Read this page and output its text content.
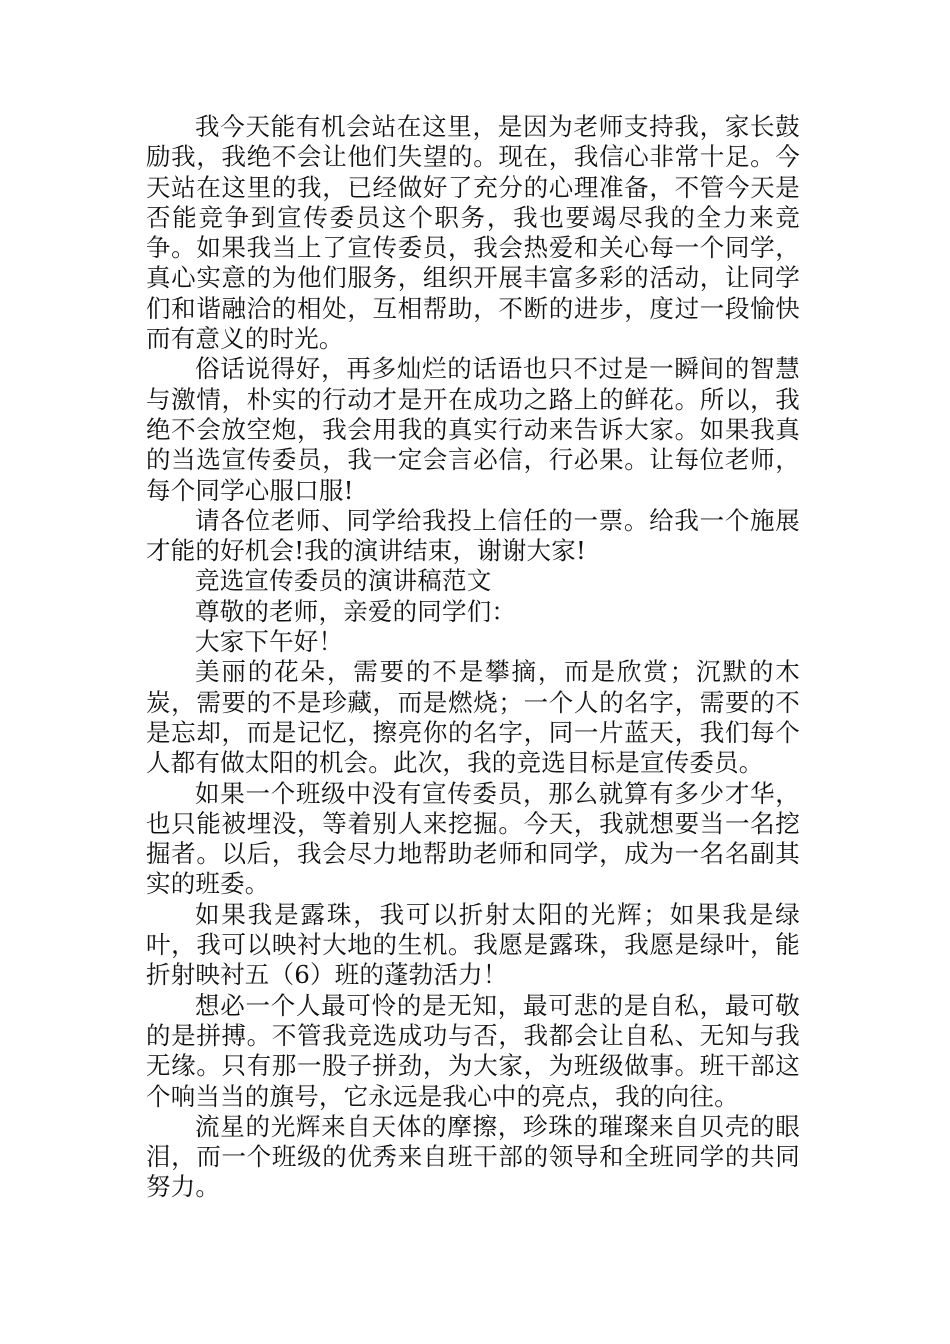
我今天能有机会站在这里，是因为老师支持我，家长鼓励我，我绝不会让他们失望的。现在，我信心非常十足。今天站在这里的我，已经做好了充分的心理准备，不管今天是否能竞争到宣传委员这个职务，我也要竭尽我的全力来竞争。如果我当上了宣传委员，我会热爱和关心每一个同学，真心实意的为他们服务，组织开展丰富多彩的活动，让同学们和谐融洽的相处，互相帮助，不断的进步，度过一段愉快而有意义的时光。

俗话说得好，再多灿烂的话语也只不过是一瞬间的智慧与激情，朴实的行动才是开在成功之路上的鲜花。所以，我绝不会放空炮，我会用我的真实行动来告诉大家。如果我真的当选宣传委员，我一定会言必信，行必果。让每位老师，每个同学心服口服!

请各位老师、同学给我投上信任的一票。给我一个施展才能的好机会!我的演讲结束，谢谢大家!

竞选宣传委员的演讲稿范文

尊敬的老师，亲爱的同学们：

大家下午好！

美丽的花朵，需要的不是攀摘，而是欣赏；沉默的木炭，需要的不是珍藏，而是燃烧；一个人的名字，需要的不是忘却，而是记忆，擦亮你的名字，同一片蓝天，我们每个人都有做太阳的机会。此次，我的竞选目标是宣传委员。

如果一个班级中没有宣传委员，那么就算有多少才华，也只能被埋没，等着别人来挖掘。今天，我就想要当一名挖掘者。以后，我会尽力地帮助老师和同学，成为一名名副其实的班委。

如果我是露珠，我可以折射太阳的光辉；如果我是绿叶，我可以映衬大地的生机。我愿是露珠，我愿是绿叶，能折射映衬五（6）班的蓬勃活力！

想必一个人最可怜的是无知，最可悲的是自私，最可敬的是拼搏。不管我竞选成功与否，我都会让自私、无知与我无缘。只有那一股子拼劲，为大家，为班级做事。班干部这个响当当的旗号，它永远是我心中的亮点，我的向往。

流星的光辉来自天体的摩擦，珍珠的璀璨来自贝壳的眼泪，而一个班级的优秀来自班干部的领导和全班同学的共同努力。
